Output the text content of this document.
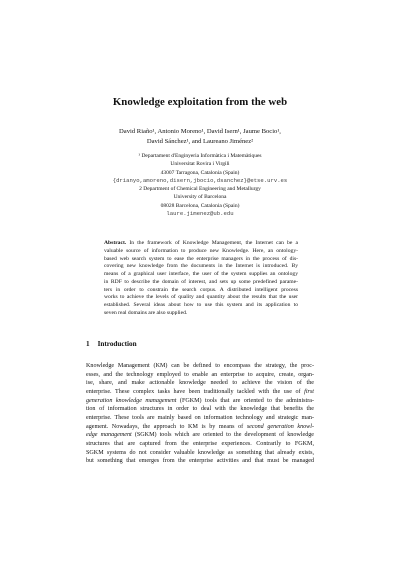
Knowledge exploitation from the web
David Riaño¹, Antonio Moreno¹, David Isern¹, Jaume Bocio¹,
David Sánchez¹, and Laureano Jiménez²
¹ Departament d'Enginyeria Informàtica i Matemàtiques
Universitat Rovira i Virgili
43007 Tarragona, Catalonia (Spain)
{drianyo,amoreno,disern,jbocio,dsanchez}@etse.urv.es
2 Department of Chemical Engineering and Metallurgy
University of Barcelona
08028 Barcelona, Catalonia (Spain)
laure.jimenez@ub.edu
Abstract. In the framework of Knowledge Management, the Internet can be a
valuable source of information to produce new Knowledge. Here, an ontology-
based web search system to ease the enterprise managers in the process of dis-
covering new knowledge from the documents in the Internet is introduced. By
means of a graphical user interface, the user of the system supplies an ontology
in RDF to describe the domain of interest, and sets up some predefined parame-
ters in order to constrain the search corpus. A distributed intelligent process
works to achieve the levels of quality and quantity about the results that the user
established. Several ideas about how to use this system and its application to
seven real domains are also supplied.
1 Introduction
Knowledge Management (KM) can be defined to encompass the strategy, the proc-
esses, and the technology employed to enable an enterprise to acquire, create, organ-
ise, share, and make actionable knowledge needed to achieve the vision of the
enterprise. These complex tasks have been traditionally tackled with the use of first
generation knowledge management (FGKM) tools that are oriented to the administra-
tion of information structures in order to deal with the knowledge that benefits the
enterprise. These tools are mainly based on information technology and strategic man-
agement. Nowadays, the approach to KM is by means of second generation knowl-
edge management (SGKM) tools which are oriented to the development of knowledge
structures that are captured from the enterprise experiences. Contrarily to FGKM,
SGKM systems do not consider valuable knowledge as something that already exists,
but something that emerges from the enterprise activities and that must be managed
